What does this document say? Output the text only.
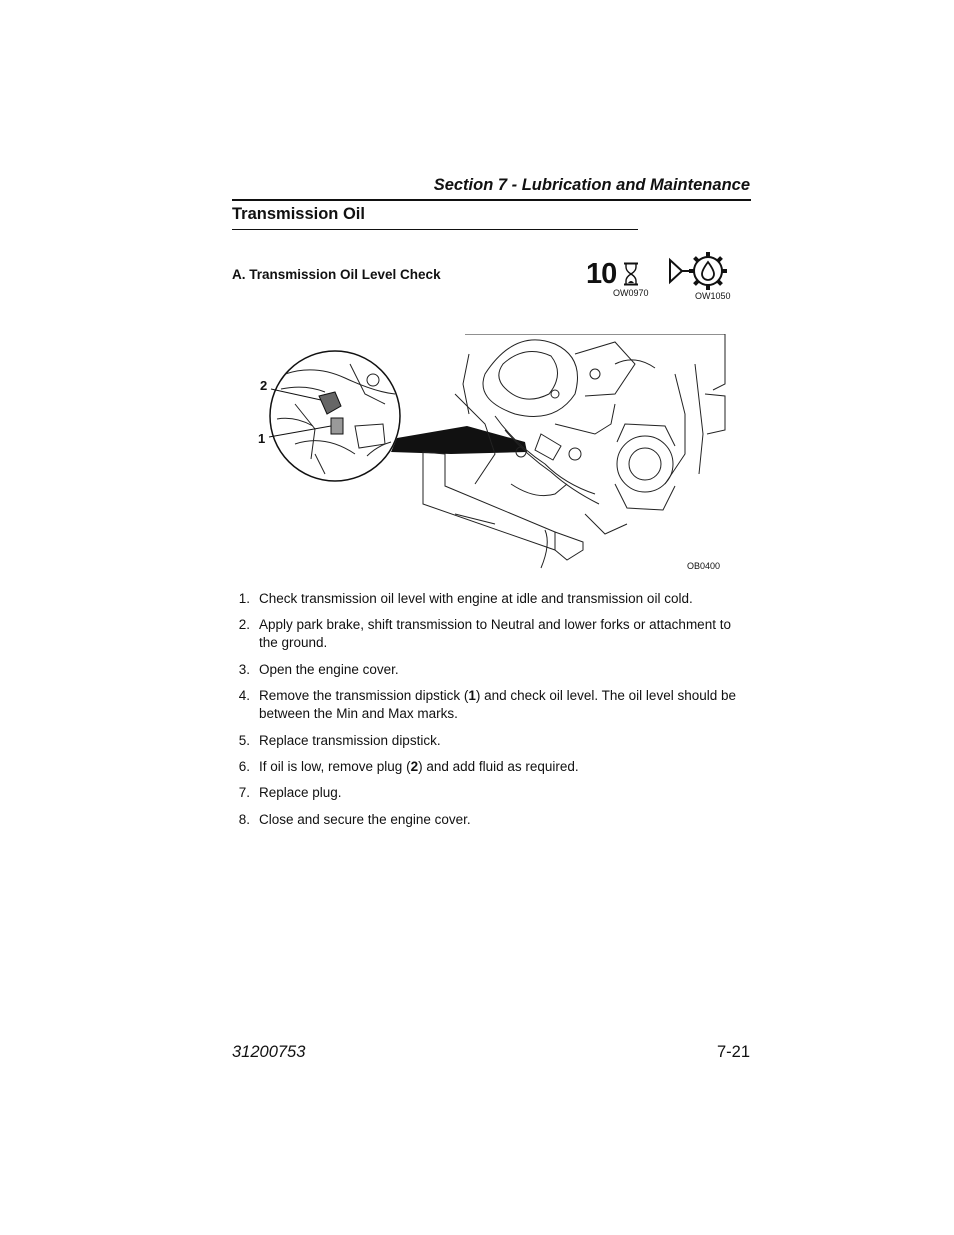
Section 7 - Lubrication and Maintenance
Transmission Oil
A. Transmission Oil Level Check	10
OW0970	OW1050
2
1
OB0400
1. Check transmission oil level with engine at idle and transmission oil cold.
2. Apply park brake, shift transmission to Neutral and lower forks or attachment to the ground.
3. Open the engine cover.
4. Remove the transmission dipstick (1) and check oil level. The oil level should be between the Min and Max marks.
5. Replace transmission dipstick.
6. If oil is low, remove plug (2) and add fluid as required.
7. Replace plug.
8. Close and secure the engine cover.
31200753	7-21
